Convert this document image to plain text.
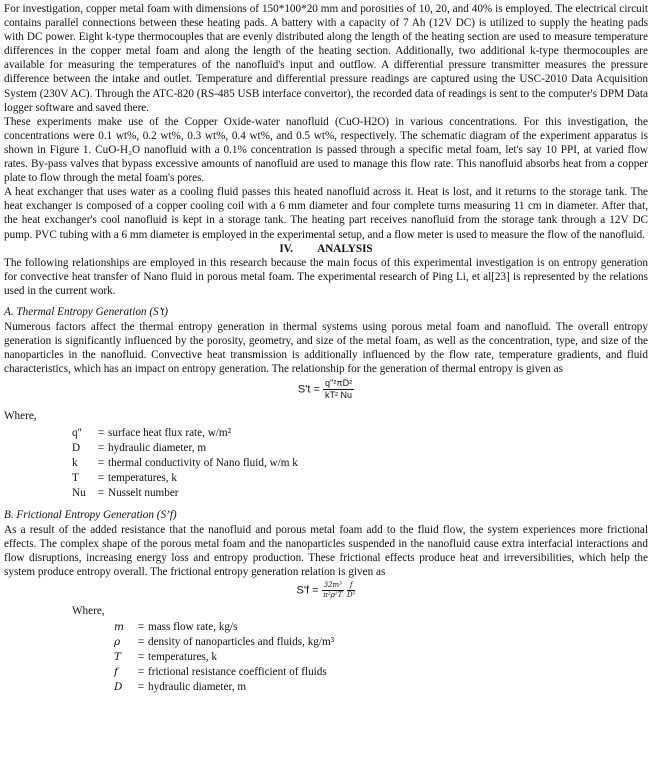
For investigation, copper metal foam with dimensions of 150*100*20 mm and porosities of 10, 20, and 40% is employed. The electrical circuit contains parallel connections between these heating pads. A battery with a capacity of 7 Ah (12V DC) is utilized to supply the heating pads with DC power. Eight k-type thermocouples that are evenly distributed along the length of the heating section are used to measure temperature differences in the copper metal foam and along the length of the heating section. Additionally, two additional k-type thermocouples are available for measuring the temperatures of the nanofluid's input and outflow. A differential pressure transmitter measures the pressure difference between the intake and outlet. Temperature and differential pressure readings are captured using the USC-2010 Data Acquisition System (230V AC). Through the ATC-820 (RS-485 USB interface convertor), the recorded data of readings is sent to the computer's DPM Data logger software and saved there.

These experiments make use of the Copper Oxide-water nanofluid (CuO-H2O) in various concentrations. For this investigation, the concentrations were 0.1 wt%, 0.2 wt%, 0.3 wt%, 0.4 wt%, and 0.5 wt%, respectively. The schematic diagram of the experiment apparatus is shown in Figure 1. CuO-H₂O nanofluid with a 0.1% concentration is passed through a specific metal foam, let's say 10 PPI, at varied flow rates. By-pass valves that bypass excessive amounts of nanofluid are used to manage this flow rate. This nanofluid absorbs heat from a copper plate to flow through the metal foam's pores.

A heat exchanger that uses water as a cooling fluid passes this heated nanofluid across it. Heat is lost, and it returns to the storage tank. The heat exchanger is composed of a copper cooling coil with a 6 mm diameter and four complete turns measuring 11 cm in diameter. After that, the heat exchanger's cool nanofluid is kept in a storage tank. The heating part receives nanofluid from the storage tank through a 12V DC pump. PVC tubing with a 6 mm diameter is employed in the experimental setup, and a flow meter is used to measure the flow of the nanofluid.

IV. ANALYSIS

The following relationships are employed in this research because the main focus of this experimental investigation is on entropy generation for convective heat transfer of Nano fluid in porous metal foam. The experimental research of Ping Li, et al[23] is represented by the relations used in the current work.

A. Thermal Entropy Generation (S’t)

Numerous factors affect the thermal entropy generation in thermal systems using porous metal foam and nanofluid. The overall entropy generation is significantly influenced by the porosity, geometry, and size of the metal foam, as well as the concentration, type, and size of the nanoparticles in the nanofluid. Convective heat transmission is additionally influenced by the flow rate, temperature gradients, and fluid characteristics, which has an impact on entropy generation. The relationship for the generation of thermal entropy is given as

$S't = \frac{\text{q''²πD²}}{\text{kT² Nu}}$
Where,
q''	= surface heat flux rate, w/m²
D	= hydraulic diameter, m
k	= thermal conductivity of Nano fluid, w/m k
T	= temperatures, k
Nu	= Nusselt number
B. Frictional Entropy Generation (S’f)

As a result of the added resistance that the nanofluid and porous metal foam add to the fluid flow, the system experiences more frictional effects. The complex shape of the porous metal foam and the nanoparticles suspended in the nanofluid cause extra interfacial interactions and flow disruptions, increasing energy loss and entropy production. These frictional effects produce heat and irreversibilities, which help the system produce entropy overall. The frictional entropy generation relation is given as

$S'f = \frac{\text{32m³}}{\text{π²ρ²T}}$
$\frac{f}{\text{D⁵}}$
Where,
m	= mass flow rate, kg/s
ρ	= density of nanoparticles and fluids, kg/m³
T	= temperatures, k
f	= frictional resistance coefficient of fluids
D	= hydraulic diameter, m
